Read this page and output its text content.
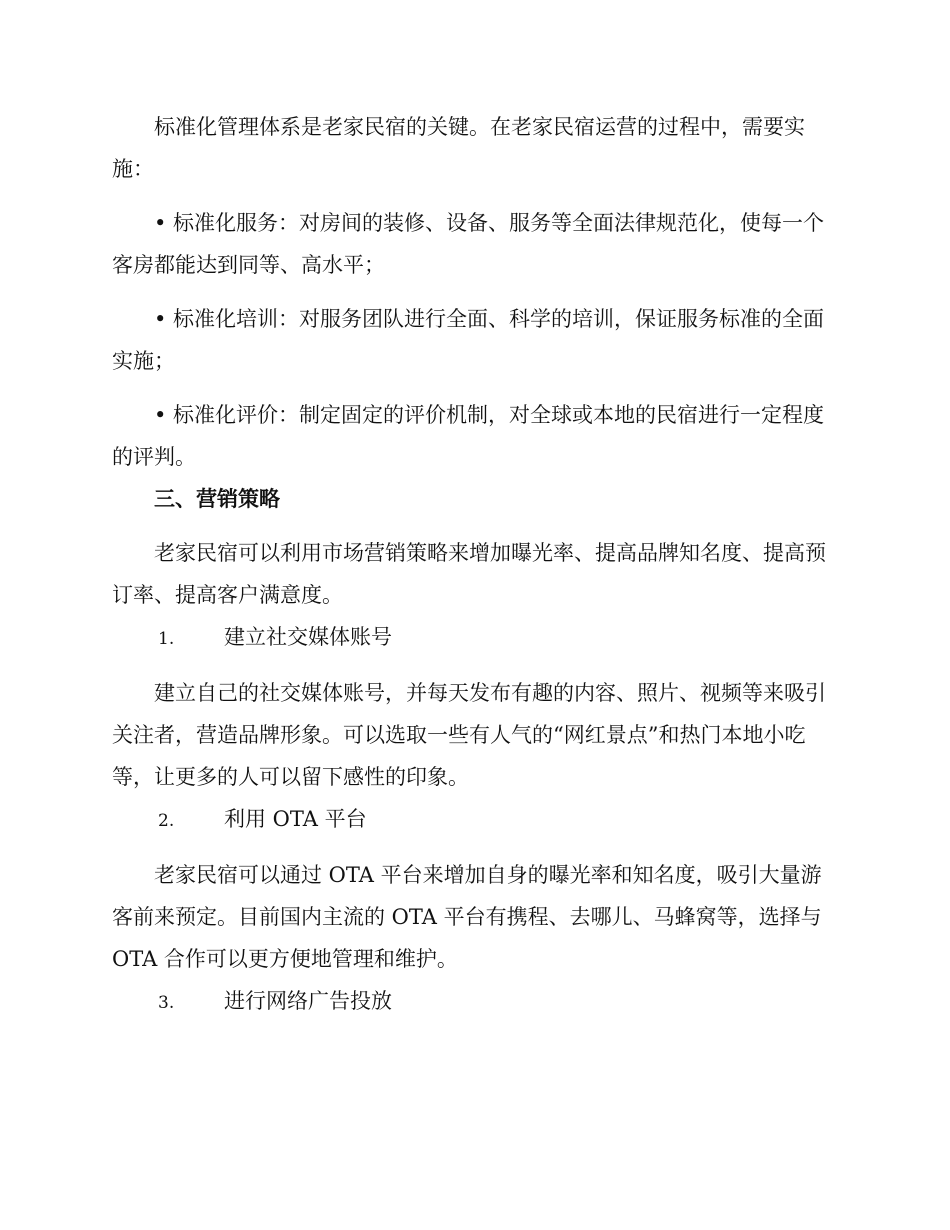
标准化管理体系是老家民宿的关键。在老家民宿运营的过程中，需要实施：

• 标准化服务：对房间的装修、设备、服务等全面法律规范化，使每一个客房都能达到同等、高水平；

• 标准化培训：对服务团队进行全面、科学的培训，保证服务标准的全面实施；

• 标准化评价：制定固定的评价机制，对全球或本地的民宿进行一定程度的评判。

三、营销策略

老家民宿可以利用市场营销策略来增加曝光率、提高品牌知名度、提高预订率、提高客户满意度。

1.	建立社交媒体账号

建立自己的社交媒体账号，并每天发布有趣的内容、照片、视频等来吸引关注者，营造品牌形象。可以选取一些有人气的“网红景点”和热门本地小吃等，让更多的人可以留下感性的印象。

2.	利用 OTA 平台

老家民宿可以通过 OTA 平台来增加自身的曝光率和知名度，吸引大量游客前来预定。目前国内主流的 OTA 平台有携程、去哪儿、马蜂窝等，选择与 OTA 合作可以更方便地管理和维护。

3.	进行网络广告投放
